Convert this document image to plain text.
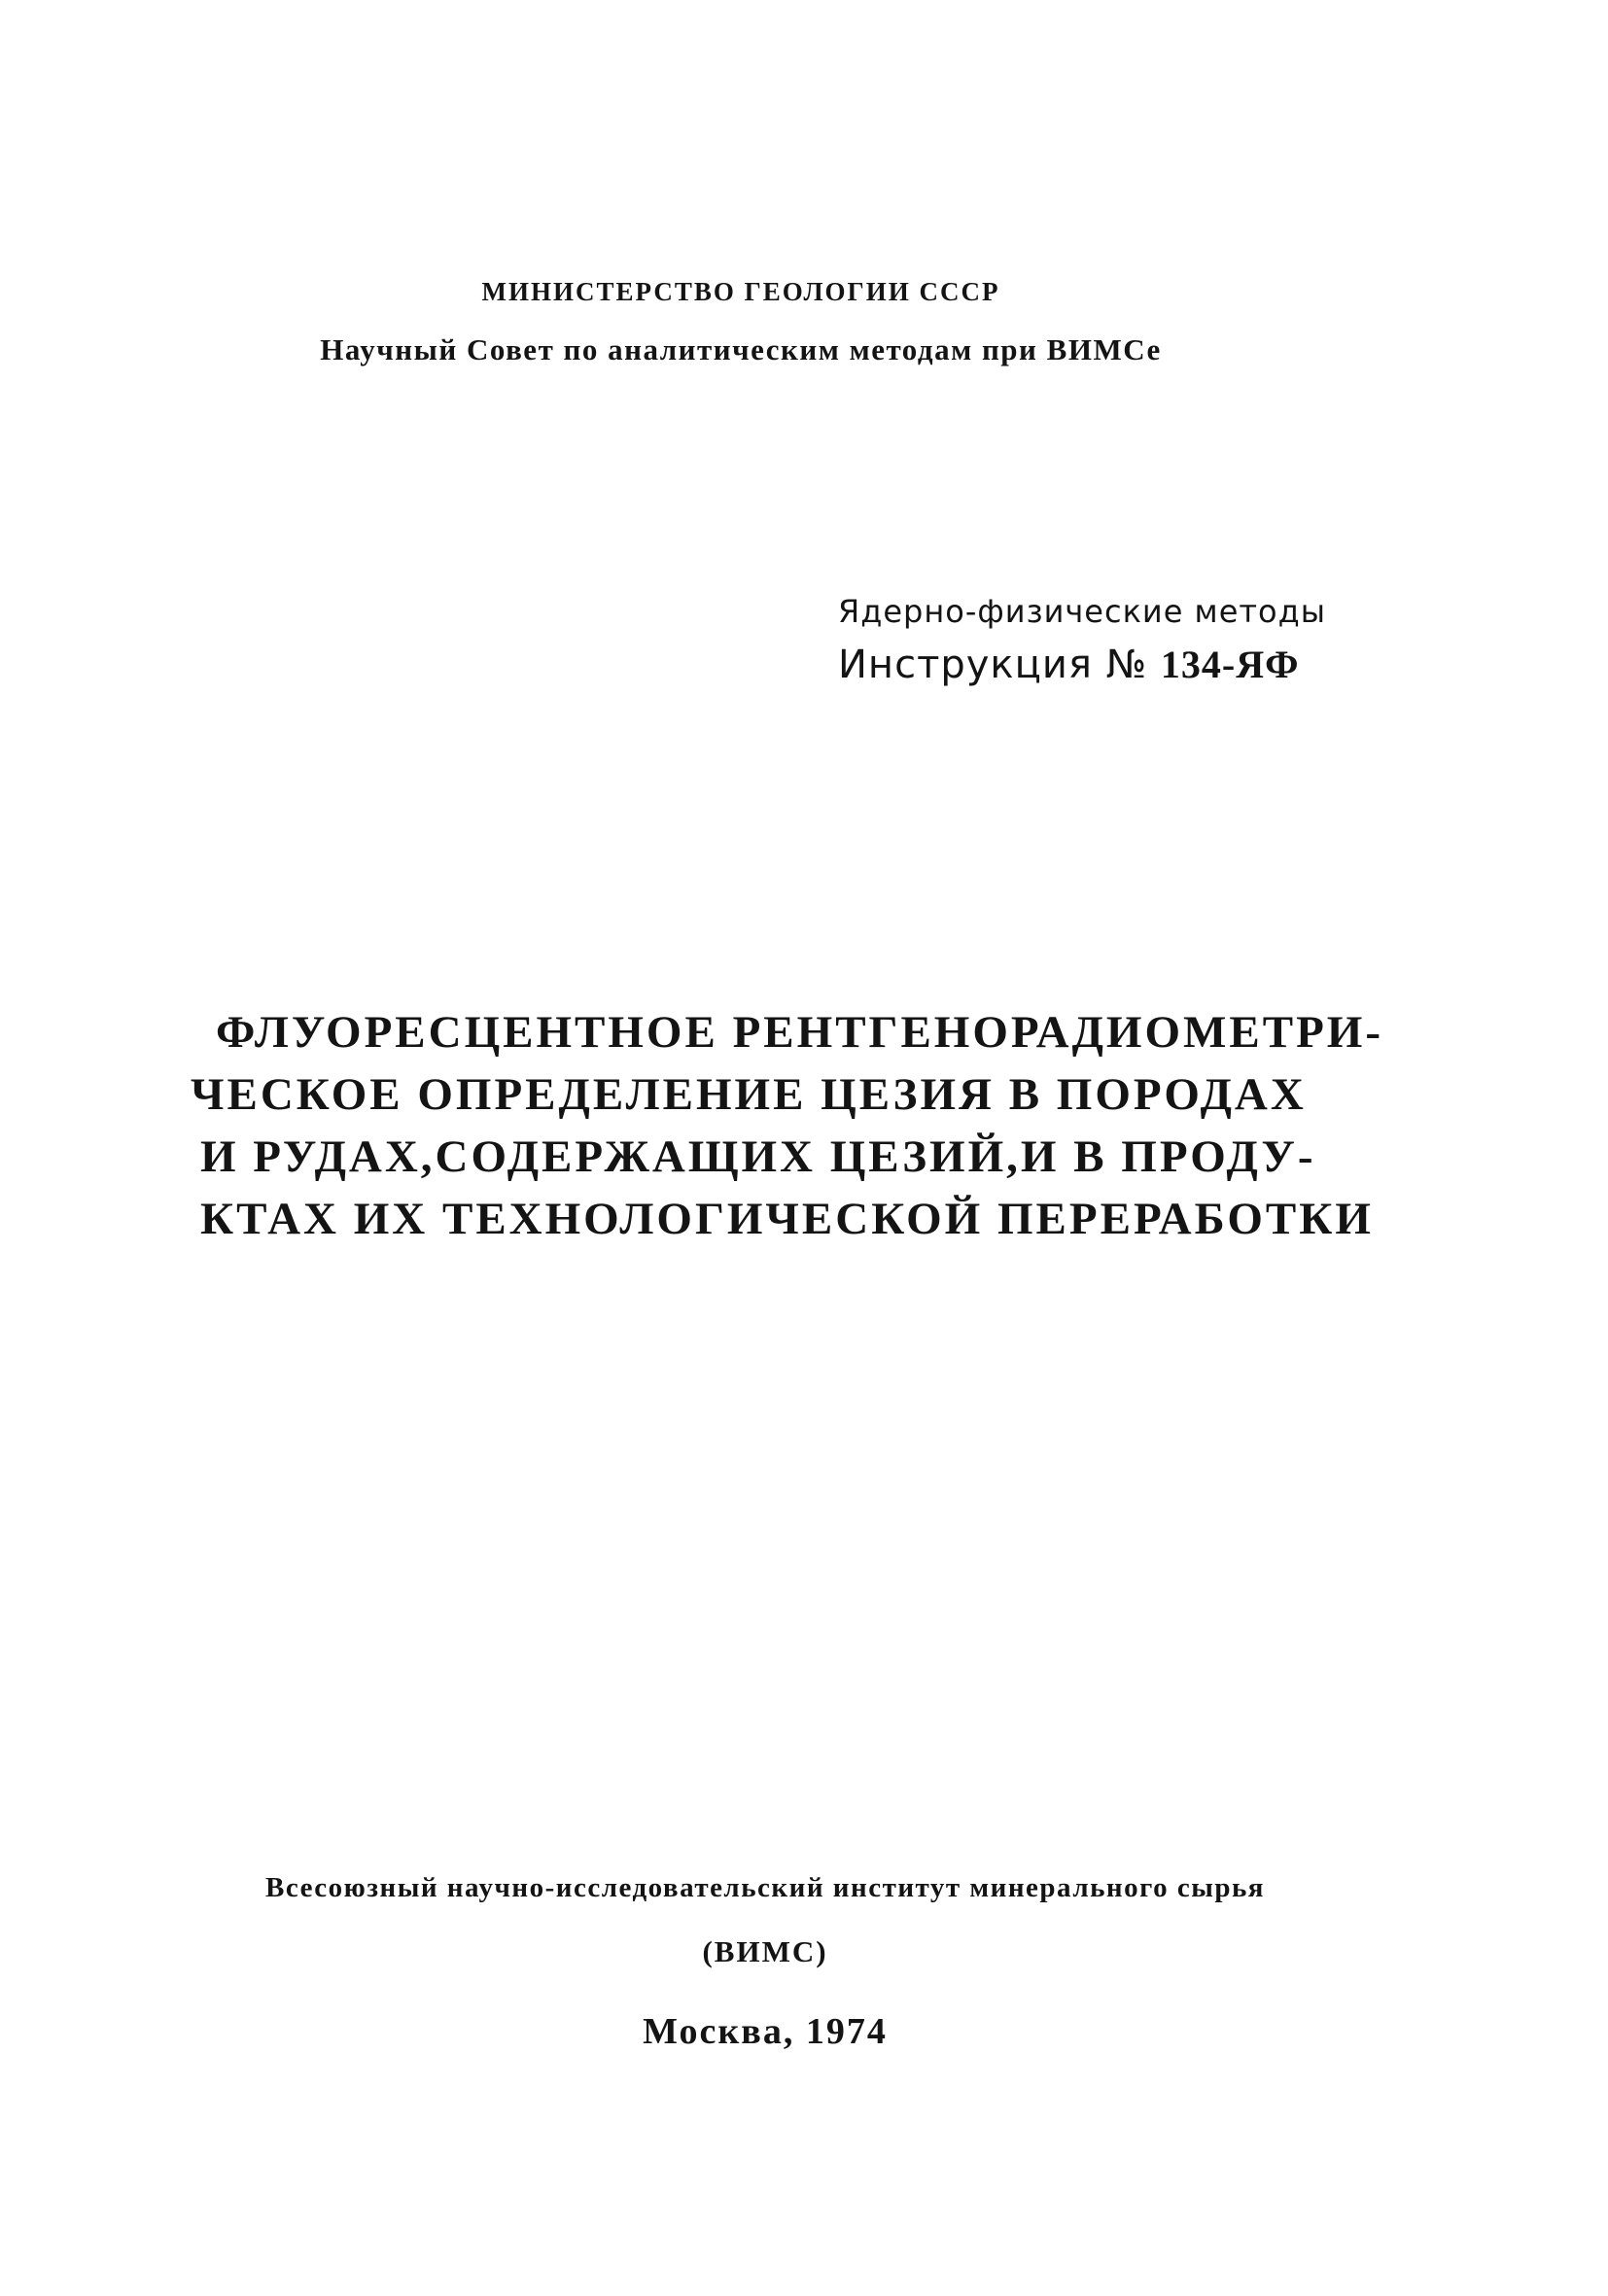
МИНИСТЕРСТВО ГЕОЛОГИИ СССР
Научный Совет по аналитическим методам при ВИМСе
Ядерно-физические методы
Инструкция № 134-ЯФ
ФЛУОРЕСЦЕНТНОЕ РЕНТГЕНОРАДИОМЕТРИ-
ЧЕСКОЕ ОПРЕДЕЛЕНИЕ ЦЕЗИЯ В ПОРОДАХ
И РУДАХ,СОДЕРЖАЩИХ ЦЕЗИЙ,И В ПРОДУ-
КТАХ ИХ ТЕХНОЛОГИЧЕСКОЙ ПЕРЕРАБОТКИ
Всесоюзный научно-исследовательский институт минерального сырья
(ВИМС)
Москва, 1974
